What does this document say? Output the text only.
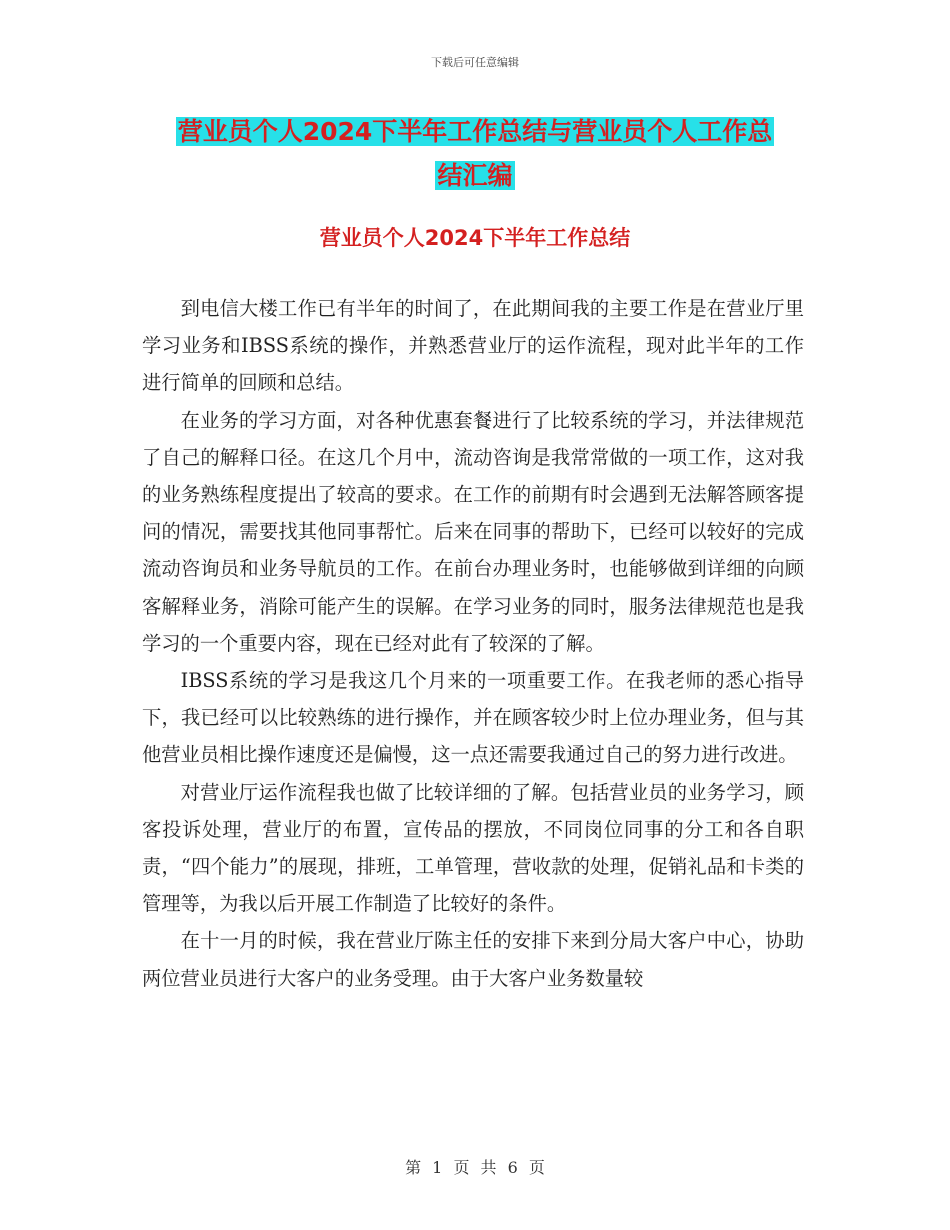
下载后可任意编辑
营业员个人2024下半年工作总结与营业员个人工作总
结汇编
营业员个人2024下半年工作总结

到电信大楼工作已有半年的时间了，在此期间我的主要工作是在营业厅里学习业务和IBSS系统的操作，并熟悉营业厅的运作流程，现对此半年的工作进行简单的回顾和总结。

在业务的学习方面，对各种优惠套餐进行了比较系统的学习，并法律规范了自己的解释口径。在这几个月中，流动咨询是我常常做的一项工作，这对我的业务熟练程度提出了较高的要求。在工作的前期有时会遇到无法解答顾客提问的情况，需要找其他同事帮忙。后来在同事的帮助下，已经可以较好的完成流动咨询员和业务导航员的工作。在前台办理业务时，也能够做到详细的向顾客解释业务，消除可能产生的误解。在学习业务的同时，服务法律规范也是我学习的一个重要内容，现在已经对此有了较深的了解。

IBSS系统的学习是我这几个月来的一项重要工作。在我老师的悉心指导下，我已经可以比较熟练的进行操作，并在顾客较少时上位办理业务，但与其他营业员相比操作速度还是偏慢，这一点还需要我通过自己的努力进行改进。

对营业厅运作流程我也做了比较详细的了解。包括营业员的业务学习，顾客投诉处理，营业厅的布置，宣传品的摆放，不同岗位同事的分工和各自职责，“四个能力”的展现，排班，工单管理，营收款的处理，促销礼品和卡类的管理等，为我以后开展工作制造了比较好的条件。

在十一月的时候，我在营业厅陈主任的安排下来到分局大客户中心，协助两位营业员进行大客户的业务受理。由于大客户业务数量较

第 1 页 共 6 页
